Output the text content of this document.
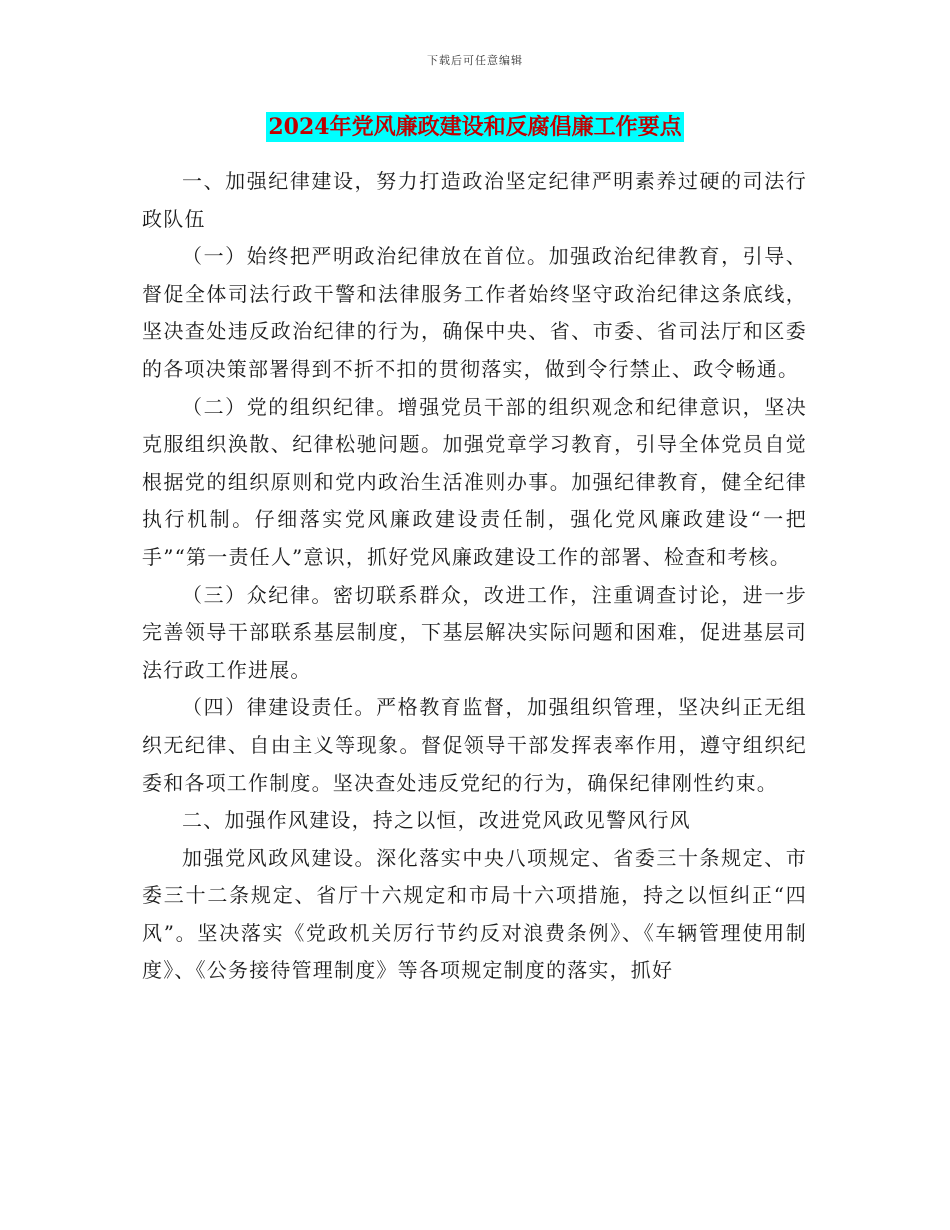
下载后可任意编辑
2024年党风廉政建设和反腐倡廉工作要点

一、加强纪律建设，努力打造政治坚定纪律严明素养过硬的司法行政队伍

（一）始终把严明政治纪律放在首位。加强政治纪律教育，引导、督促全体司法行政干警和法律服务工作者始终坚守政治纪律这条底线，坚决查处违反政治纪律的行为，确保中央、省、市委、省司法厅和区委的各项决策部署得到不折不扣的贯彻落实，做到令行禁止、政令畅通。

（二）党的组织纪律。增强党员干部的组织观念和纪律意识，坚决克服组织涣散、纪律松驰问题。加强党章学习教育，引导全体党员自觉根据党的组织原则和党内政治生活准则办事。加强纪律教育，健全纪律执行机制。仔细落实党风廉政建设责任制，强化党风廉政建设“一把手”“第一责任人”意识，抓好党风廉政建设工作的部署、检查和考核。

（三）众纪律。密切联系群众，改进工作，注重调查讨论，进一步完善领导干部联系基层制度，下基层解决实际问题和困难，促进基层司法行政工作进展。

（四）律建设责任。严格教育监督，加强组织管理，坚决纠正无组织无纪律、自由主义等现象。督促领导干部发挥表率作用，遵守组织纪委和各项工作制度。坚决查处违反党纪的行为，确保纪律刚性约束。

二、加强作风建设，持之以恒，改进党风政见警风行风

加强党风政风建设。深化落实中央八项规定、省委三十条规定、市委三十二条规定、省厅十六规定和市局十六项措施，持之以恒纠正“四风”。坚决落实《党政机关厉行节约反对浪费条例》、《车辆管理使用制度》、《公务接待管理制度》等各项规定制度的落实，抓好
